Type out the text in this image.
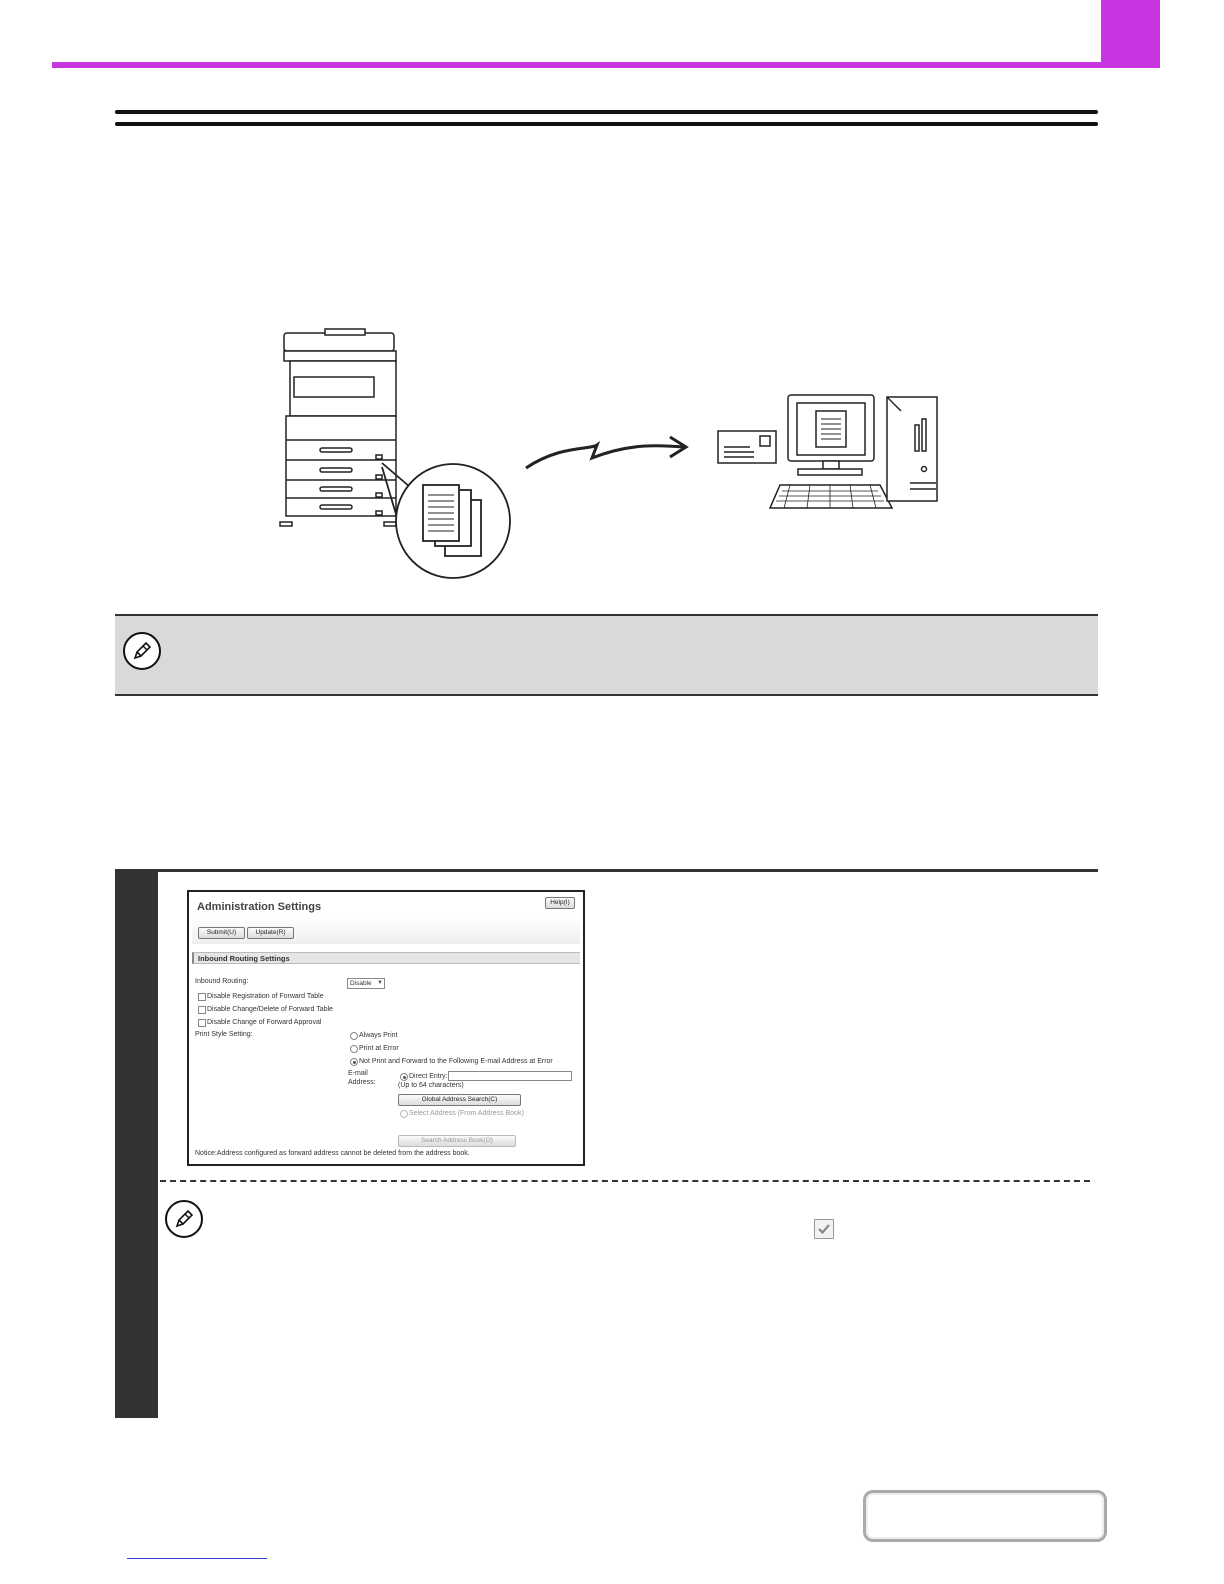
Administration Settings	Help(I)
Submit(U)	Update(R)
Inbound Routing Settings
Inbound Routing:	Disable ▼
Disable Registration of Forward Table
Disable Change/Delete of Forward Table
Disable Change of Forward Approval
Print Style Setting:	Always Print
Print at Error
Not Print and Forward to the Following E-mail Address at Error
E-mail
Address:
Direct Entry:
(Up to 64 characters)
Global Address Search(C)
Select Address (From Address Book)
Search Address Book(O)
Notice:Address configured as forward address cannot be deleted from the address book.
